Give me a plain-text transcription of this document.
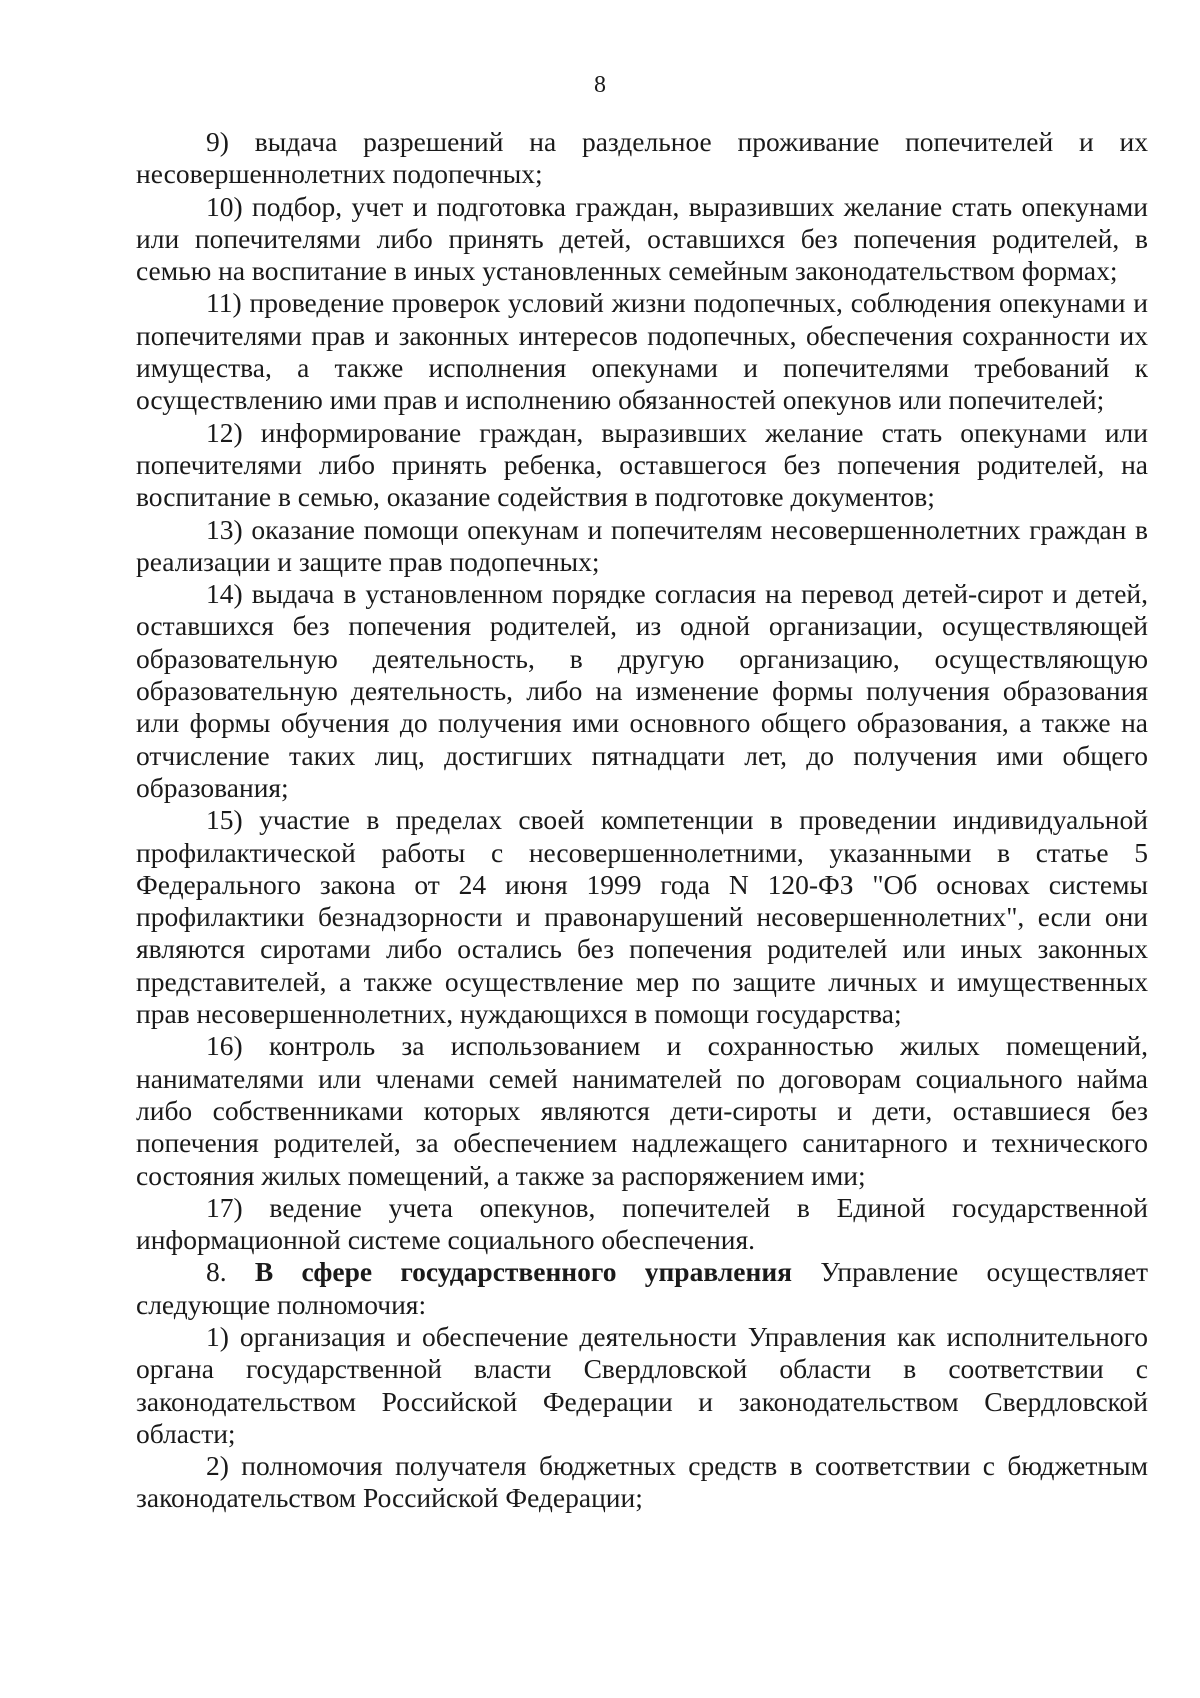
8

9) выдача разрешений на раздельное проживание попечителей и их несовершеннолетних подопечных;

10) подбор, учет и подготовка граждан, выразивших желание стать опекунами или попечителями либо принять детей, оставшихся без попечения родителей, в семью на воспитание в иных установленных семейным законодательством формах;

11) проведение проверок условий жизни подопечных, соблюдения опекунами и попечителями прав и законных интересов подопечных, обеспечения сохранности их имущества, а также исполнения опекунами и попечителями требований к осуществлению ими прав и исполнению обязанностей опекунов или попечителей;

12) информирование граждан, выразивших желание стать опекунами или попечителями либо принять ребенка, оставшегося без попечения родителей, на воспитание в семью, оказание содействия в подготовке документов;

13) оказание помощи опекунам и попечителям несовершеннолетних граждан в реализации и защите прав подопечных;

14) выдача в установленном порядке согласия на перевод детей-сирот и детей, оставшихся без попечения родителей, из одной организации, осуществляющей образовательную деятельность, в другую организацию, осуществляющую образовательную деятельность, либо на изменение формы получения образования или формы обучения до получения ими основного общего образования, а также на отчисление таких лиц, достигших пятнадцати лет, до получения ими общего образования;

15) участие в пределах своей компетенции в проведении индивидуальной профилактической работы с несовершеннолетними, указанными в статье 5 Федерального закона от 24 июня 1999 года N 120-ФЗ "Об основах системы профилактики безнадзорности и правонарушений несовершеннолетних", если они являются сиротами либо остались без попечения родителей или иных законных представителей, а также осуществление мер по защите личных и имущественных прав несовершеннолетних, нуждающихся в помощи государства;

16) контроль за использованием и сохранностью жилых помещений, нанимателями или членами семей нанимателей по договорам социального найма либо собственниками которых являются дети-сироты и дети, оставшиеся без попечения родителей, за обеспечением надлежащего санитарного и технического состояния жилых помещений, а также за распоряжением ими;

17) ведение учета опекунов, попечителей в Единой государственной информационной системе социального обеспечения.

8. В сфере государственного управления Управление осуществляет следующие полномочия:

1) организация и обеспечение деятельности Управления как исполнительного органа государственной власти Свердловской области в соответствии с законодательством Российской Федерации и законодательством Свердловской области;

2) полномочия получателя бюджетных средств в соответствии с бюджетным законодательством Российской Федерации;
